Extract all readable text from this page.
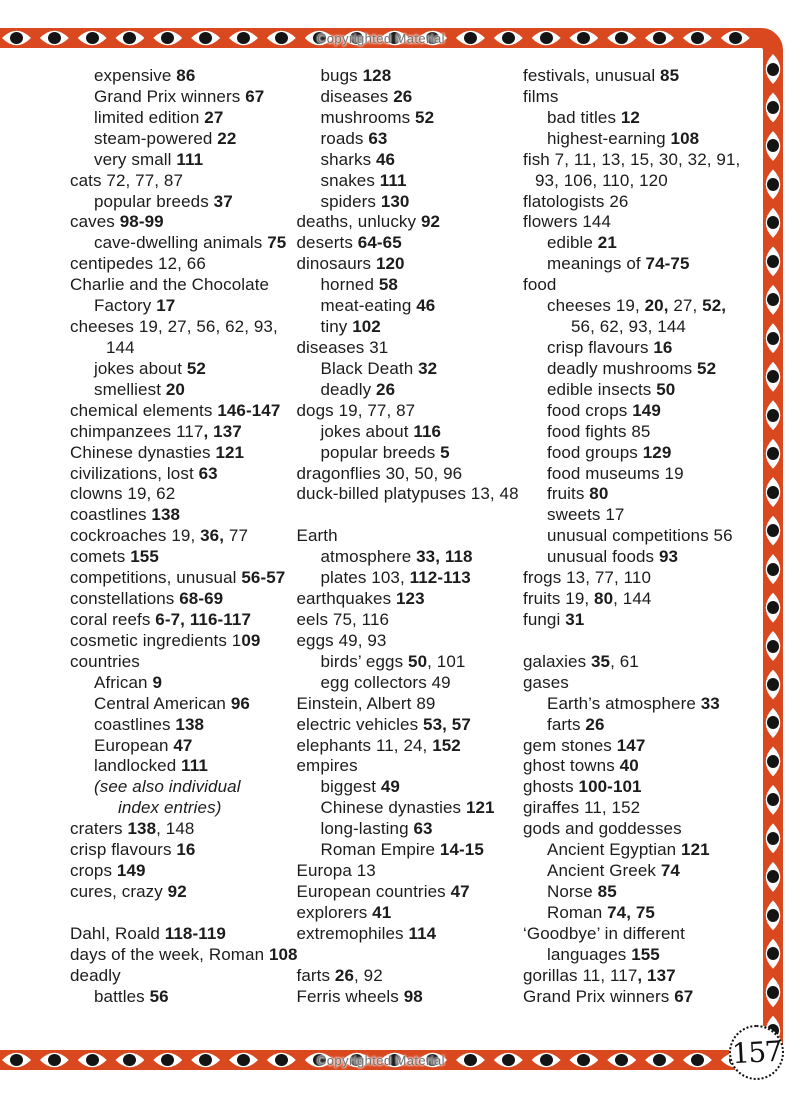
Copyrighted Material
Copyrighted Material
expensive 86
Grand Prix winners 67
limited edition 27
steam-powered 22
very small 111
cats 72, 77, 87
popular breeds 37
caves 98-99
cave-dwelling animals 75
centipedes 12, 66
Charlie and the Chocolate
Factory 17
cheeses 19, 27, 56, 62, 93,
144
jokes about 52
smelliest 20
chemical elements 146-147
chimpanzees 117, 137
Chinese dynasties 121
civilizations, lost 63
clowns 19, 62
coastlines 138
cockroaches 19, 36, 77
comets 155
competitions, unusual 56-57
constellations 68-69
coral reefs 6-7, 116-117
cosmetic ingredients 109
countries
African 9
Central American 96
coastlines 138
European 47
landlocked 111
(see also individual
index entries)
craters 138, 148
crisp flavours 16
crops 149
cures, crazy 92
Dahl, Roald 118-119
days of the week, Roman 108
deadly
battles 56
bugs 128
diseases 26
mushrooms 52
roads 63
sharks 46
snakes 111
spiders 130
deaths, unlucky 92
deserts 64-65
dinosaurs 120
horned 58
meat-eating 46
tiny 102
diseases 31
Black Death 32
deadly 26
dogs 19, 77, 87
jokes about 116
popular breeds 5
dragonflies 30, 50, 96
duck-billed platypuses 13, 48
Earth
atmosphere 33, 118
plates 103, 112-113
earthquakes 123
eels 75, 116
eggs 49, 93
birds’ eggs 50, 101
egg collectors 49
Einstein, Albert 89
electric vehicles 53, 57
elephants 11, 24, 152
empires
biggest 49
Chinese dynasties 121
long-lasting 63
Roman Empire 14-15
Europa 13
European countries 47
explorers 41
extremophiles 114
farts 26, 92
Ferris wheels 98
festivals, unusual 85
films
bad titles 12
highest-earning 108
fish 7, 11, 13, 15, 30, 32, 91,
93, 106, 110, 120
flatologists 26
flowers 144
edible 21
meanings of 74-75
food
cheeses 19, 20, 27, 52,
56, 62, 93, 144
crisp flavours 16
deadly mushrooms 52
edible insects 50
food crops 149
food fights 85
food groups 129
food museums 19
fruits 80
sweets 17
unusual competitions 56
unusual foods 93
frogs 13, 77, 110
fruits 19, 80, 144
fungi 31
galaxies 35, 61
gases
Earth’s atmosphere 33
farts 26
gem stones 147
ghost towns 40
ghosts 100-101
giraffes 11, 152
gods and goddesses
Ancient Egyptian 121
Ancient Greek 74
Norse 85
Roman 74, 75
‘Goodbye’ in different
languages 155
gorillas 11, 117, 137
Grand Prix winners 67
157
